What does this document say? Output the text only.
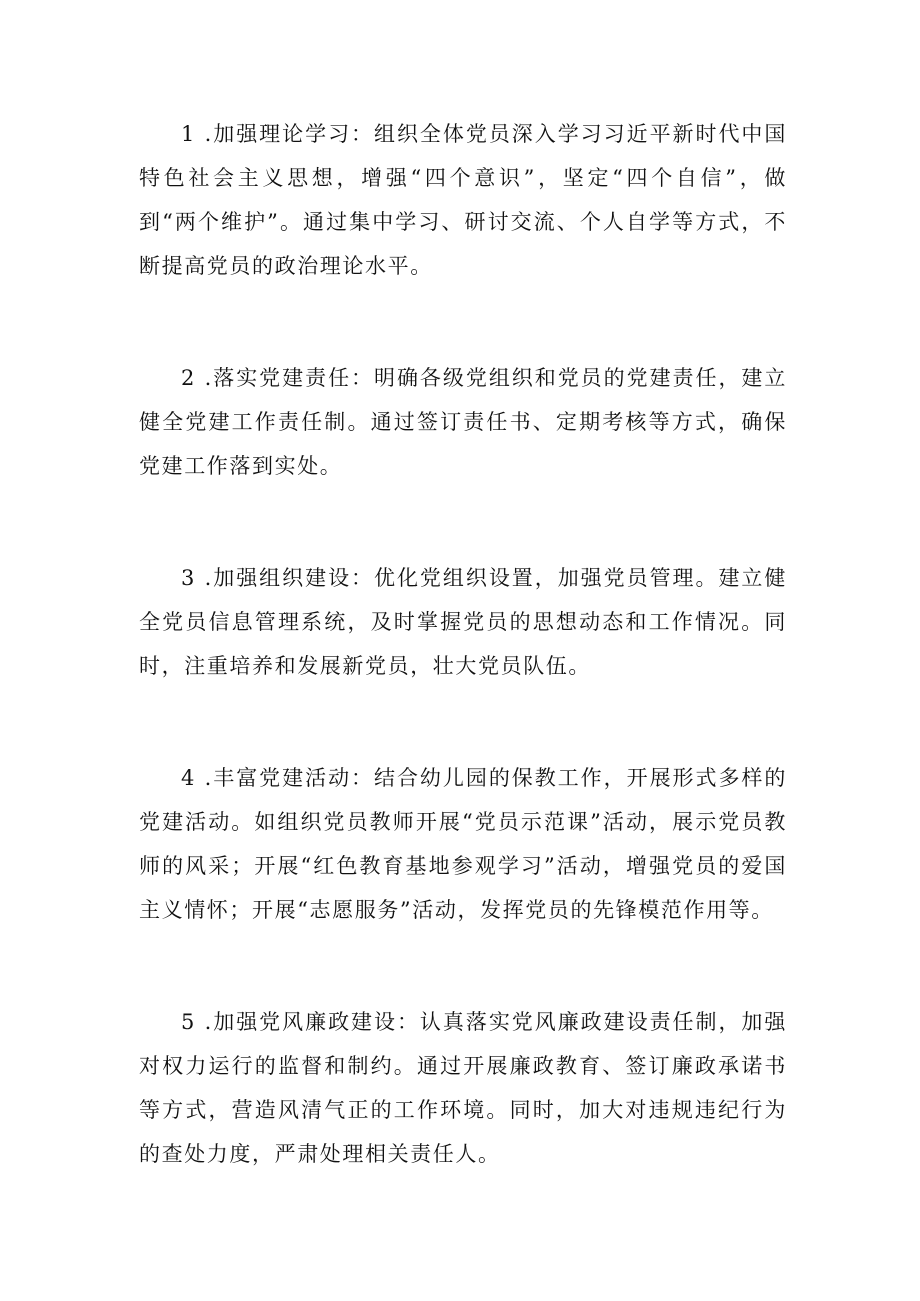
1 .加强理论学习：组织全体党员深入学习习近平新时代中国特色社会主义思想，增强“四个意识”，坚定“四个自信”，做到“两个维护”。通过集中学习、研讨交流、个人自学等方式，不断提高党员的政治理论水平。

2 .落实党建责任：明确各级党组织和党员的党建责任，建立健全党建工作责任制。通过签订责任书、定期考核等方式，确保党建工作落到实处。

3 .加强组织建设：优化党组织设置，加强党员管理。建立健全党员信息管理系统，及时掌握党员的思想动态和工作情况。同时，注重培养和发展新党员，壮大党员队伍。

4 .丰富党建活动：结合幼儿园的保教工作，开展形式多样的党建活动。如组织党员教师开展“党员示范课”活动，展示党员教师的风采；开展“红色教育基地参观学习”活动，增强党员的爱国主义情怀；开展“志愿服务”活动，发挥党员的先锋模范作用等。

5 .加强党风廉政建设：认真落实党风廉政建设责任制，加强对权力运行的监督和制约。通过开展廉政教育、签订廉政承诺书等方式，营造风清气正的工作环境。同时，加大对违规违纪行为的查处力度，严肃处理相关责任人。
